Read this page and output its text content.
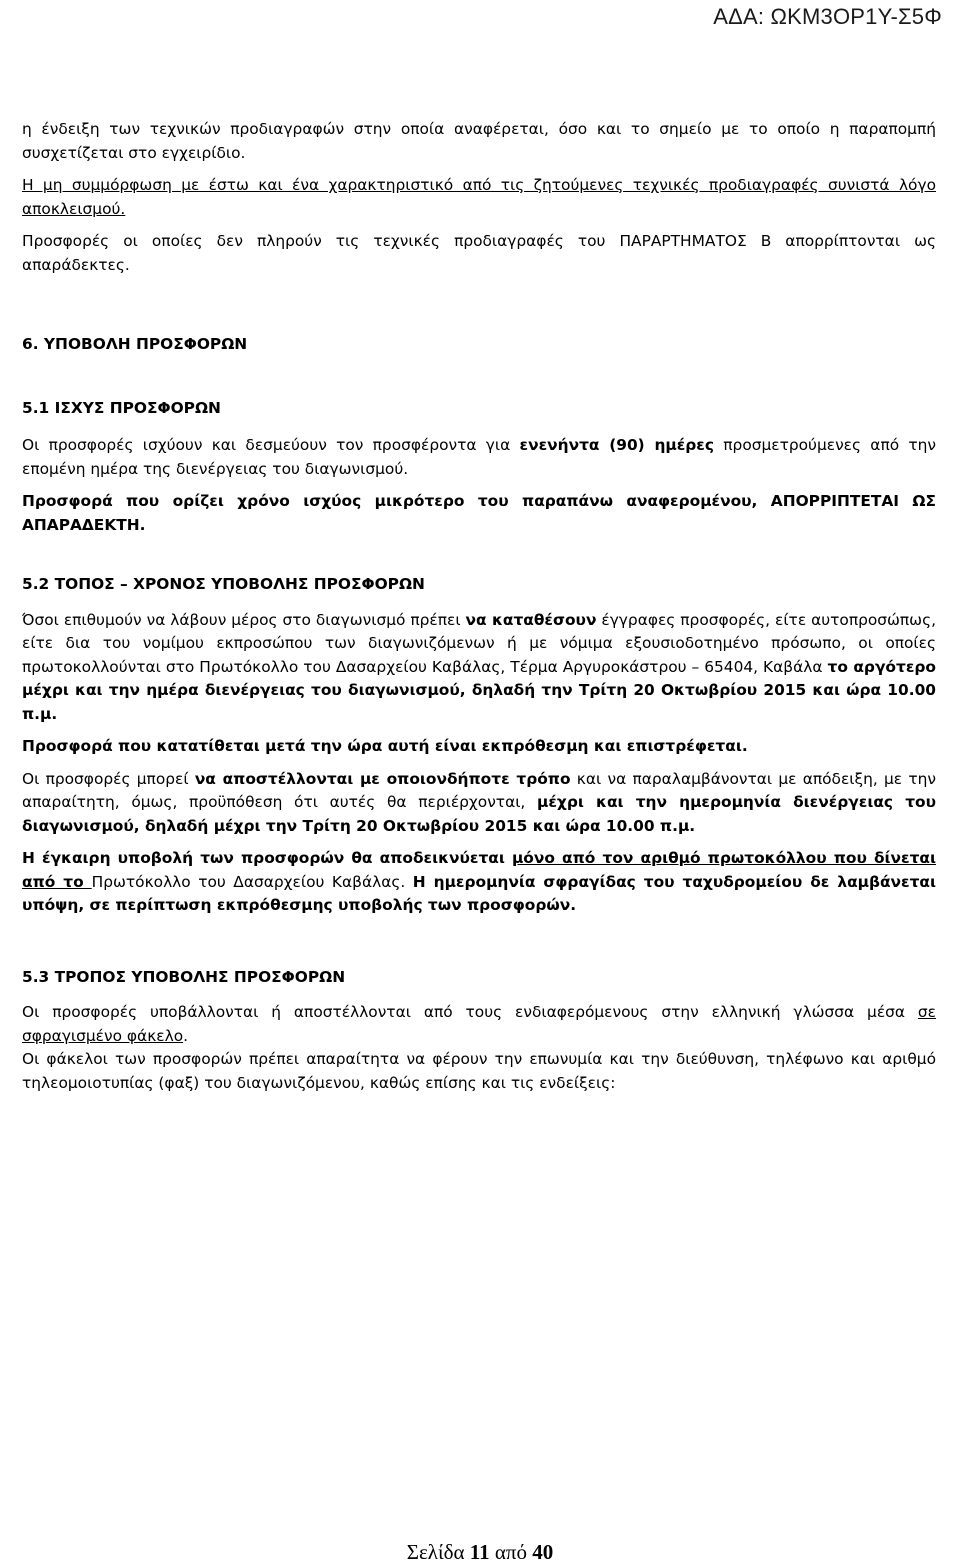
ΑΔΑ: ΩΚΜ3ΟΡ1Υ-Σ5Φ

η ένδειξη των τεχνικών προδιαγραφών στην οποία αναφέρεται, όσο και το σημείο με το οποίο η παραπομπή συσχετίζεται στο εγχειρίδιο.

Η μη συμμόρφωση με έστω και ένα χαρακτηριστικό από τις ζητούμενες τεχνικές προδιαγραφές συνιστά λόγο αποκλεισμού.

Προσφορές οι οποίες δεν πληρούν τις τεχνικές προδιαγραφές του ΠΑΡΑΡΤΗΜΑΤΟΣ Β απορρίπτονται ως απαράδεκτες.

6. ΥΠΟΒΟΛΗ ΠΡΟΣΦΟΡΩΝ
5.1 ΙΣΧΥΣ ΠΡΟΣΦΟΡΩΝ

Οι προσφορές ισχύουν και δεσμεύουν τον προσφέροντα για ενενήντα (90) ημέρες προσμετρούμενες από την επομένη ημέρα της διενέργειας του διαγωνισμού.

Προσφορά που ορίζει χρόνο ισχύος μικρότερο του παραπάνω αναφερομένου, ΑΠΟΡΡΙΠΤΕΤΑΙ ΩΣ ΑΠΑΡΑΔΕΚΤΗ.

5.2 ΤΟΠΟΣ – ΧΡΟΝΟΣ ΥΠΟΒΟΛΗΣ ΠΡΟΣΦΟΡΩΝ

Όσοι επιθυμούν να λάβουν μέρος στο διαγωνισμό πρέπει να καταθέσουν έγγραφες προσφορές, είτε αυτοπροσώπως, είτε δια του νομίμου εκπροσώπου των διαγωνιζόμενων ή με νόμιμα εξουσιοδοτημένο πρόσωπο, οι οποίες πρωτοκολλούνται στο Πρωτόκολλο του Δασαρχείου Καβάλας, Τέρμα Αργυροκάστρου – 65404, Καβάλα το αργότερο μέχρι και την ημέρα διενέργειας του διαγωνισμού, δηλαδή την Τρίτη 20 Οκτωβρίου 2015 και ώρα 10.00 π.μ.

Προσφορά που κατατίθεται μετά την ώρα αυτή είναι εκπρόθεσμη και επιστρέφεται.

Οι προσφορές μπορεί να αποστέλλονται με οποιονδήποτε τρόπο και να παραλαμβάνονται με απόδειξη, με την απαραίτητη, όμως, προϋπόθεση ότι αυτές θα περιέρχονται, μέχρι και την ημερομηνία διενέργειας του διαγωνισμού, δηλαδή μέχρι την Τρίτη 20 Οκτωβρίου 2015 και ώρα 10.00 π.μ.

Η έγκαιρη υποβολή των προσφορών θα αποδεικνύεται μόνο από τον αριθμό πρωτοκόλλου που δίνεται από το Πρωτόκολλο του Δασαρχείου Καβάλας. Η ημερομηνία σφραγίδας του ταχυδρομείου δε λαμβάνεται υπόψη, σε περίπτωση εκπρόθεσμης υποβολής των προσφορών.

5.3 ΤΡΟΠΟΣ ΥΠΟΒΟΛΗΣ ΠΡΟΣΦΟΡΩΝ

Οι προσφορές υποβάλλονται ή αποστέλλονται από τους ενδιαφερόμενους στην ελληνική γλώσσα μέσα σε σφραγισμένο φάκελο.

Οι φάκελοι των προσφορών πρέπει απαραίτητα να φέρουν την επωνυμία και την διεύθυνση, τηλέφωνο και αριθμό τηλεομοιοτυπίας (φαξ) του διαγωνιζόμενου, καθώς επίσης και τις ενδείξεις:

Σελίδα 11 από 40
